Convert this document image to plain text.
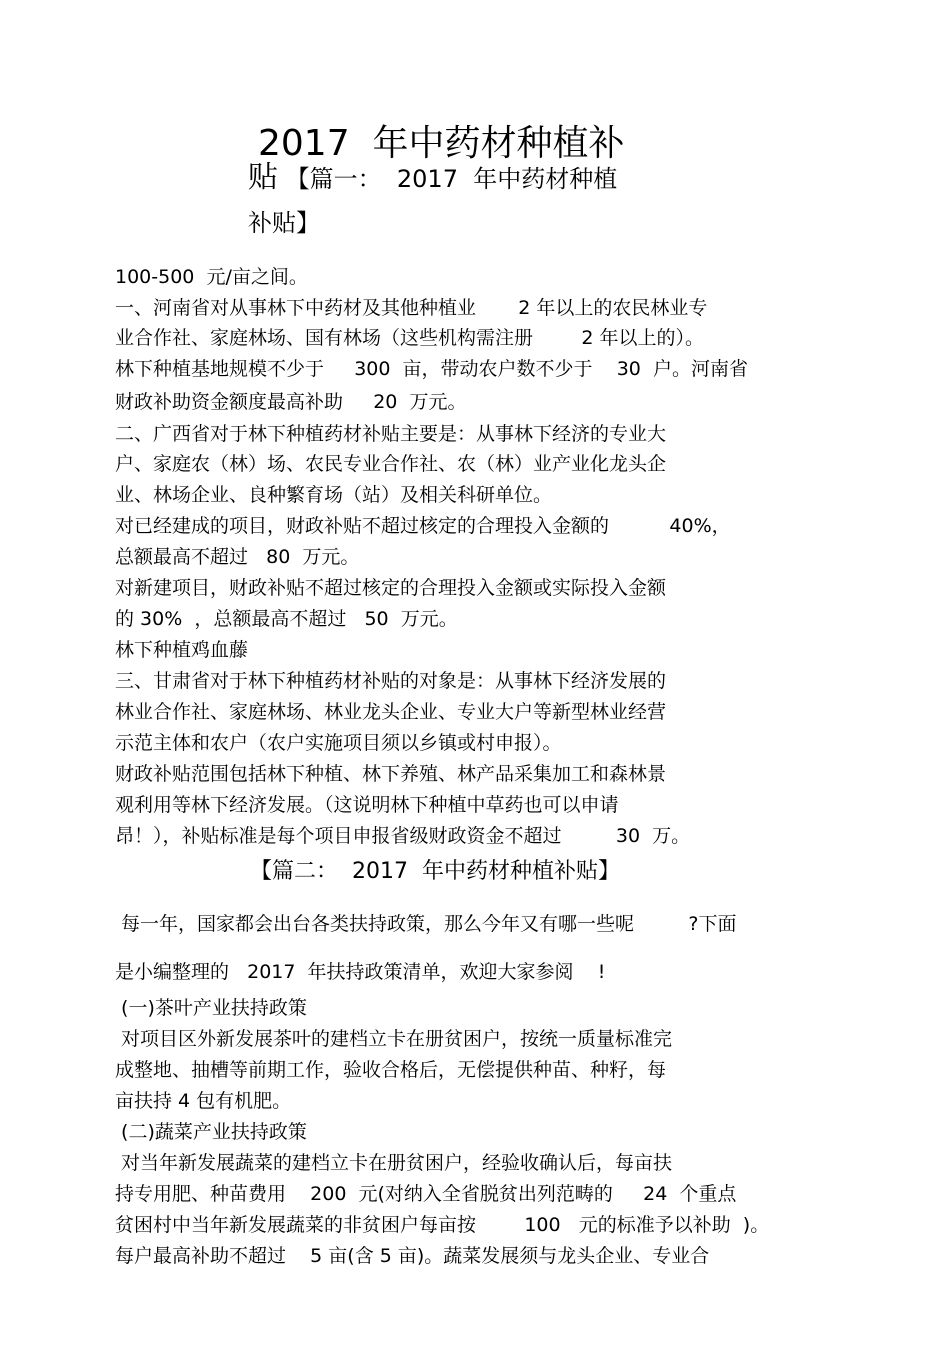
2017  年中药材种植补
贴 【篇一：  2017  年中药材种植
补贴】
100-500  元/亩之间。
一、河南省对从事林下中药材及其他种植业       2 年以上的农民林业专
业合作社、家庭林场、国有林场（这些机构需注册        2 年以上的）。
林下种植基地规模不少于     300  亩，带动农户数不少于    30  户。河南省
财政补助资金额度最高补助     20  万元。
二、广西省对于林下种植药材补贴主要是：从事林下经济的专业大
户、家庭农（林）场、农民专业合作社、农（林）业产业化龙头企
业、林场企业、良种繁育场（站）及相关科研单位。
对已经建成的项目，财政补贴不超过核定的合理投入金额的          40%，
总额最高不超过   80  万元。
对新建项目，财政补贴不超过核定的合理投入金额或实际投入金额
的 30%  ，总额最高不超过   50  万元。
林下种植鸡血藤
三、甘肃省对于林下种植药材补贴的对象是：从事林下经济发展的
林业合作社、家庭林场、林业龙头企业、专业大户等新型林业经营
示范主体和农户（农户实施项目须以乡镇或村申报）。
财政补贴范围包括林下种植、林下养殖、林产品采集加工和森林景
观利用等林下经济发展。（这说明林下种植中草药也可以申请
昂！），补贴标准是每个项目申报省级财政资金不超过         30  万。
【篇二：  2017  年中药材种植补贴】
每一年，国家都会出台各类扶持政策，那么今年又有哪一些呢         ?下面
是小编整理的   2017  年扶持政策清单，欢迎大家参阅    !
(一)茶叶产业扶持政策
对项目区外新发展茶叶的建档立卡在册贫困户，按统一质量标准完
成整地、抽槽等前期工作，验收合格后，无偿提供种苗、种籽，每
亩扶持 4 包有机肥。
(二)蔬菜产业扶持政策
对当年新发展蔬菜的建档立卡在册贫困户，经验收确认后，每亩扶
持专用肥、种苗费用    200  元(对纳入全省脱贫出列范畴的     24  个重点
贫困村中当年新发展蔬菜的非贫困户每亩按        100   元的标准予以补助  )。
每户最高补助不超过    5 亩(含 5 亩)。蔬菜发展须与龙头企业、专业合
